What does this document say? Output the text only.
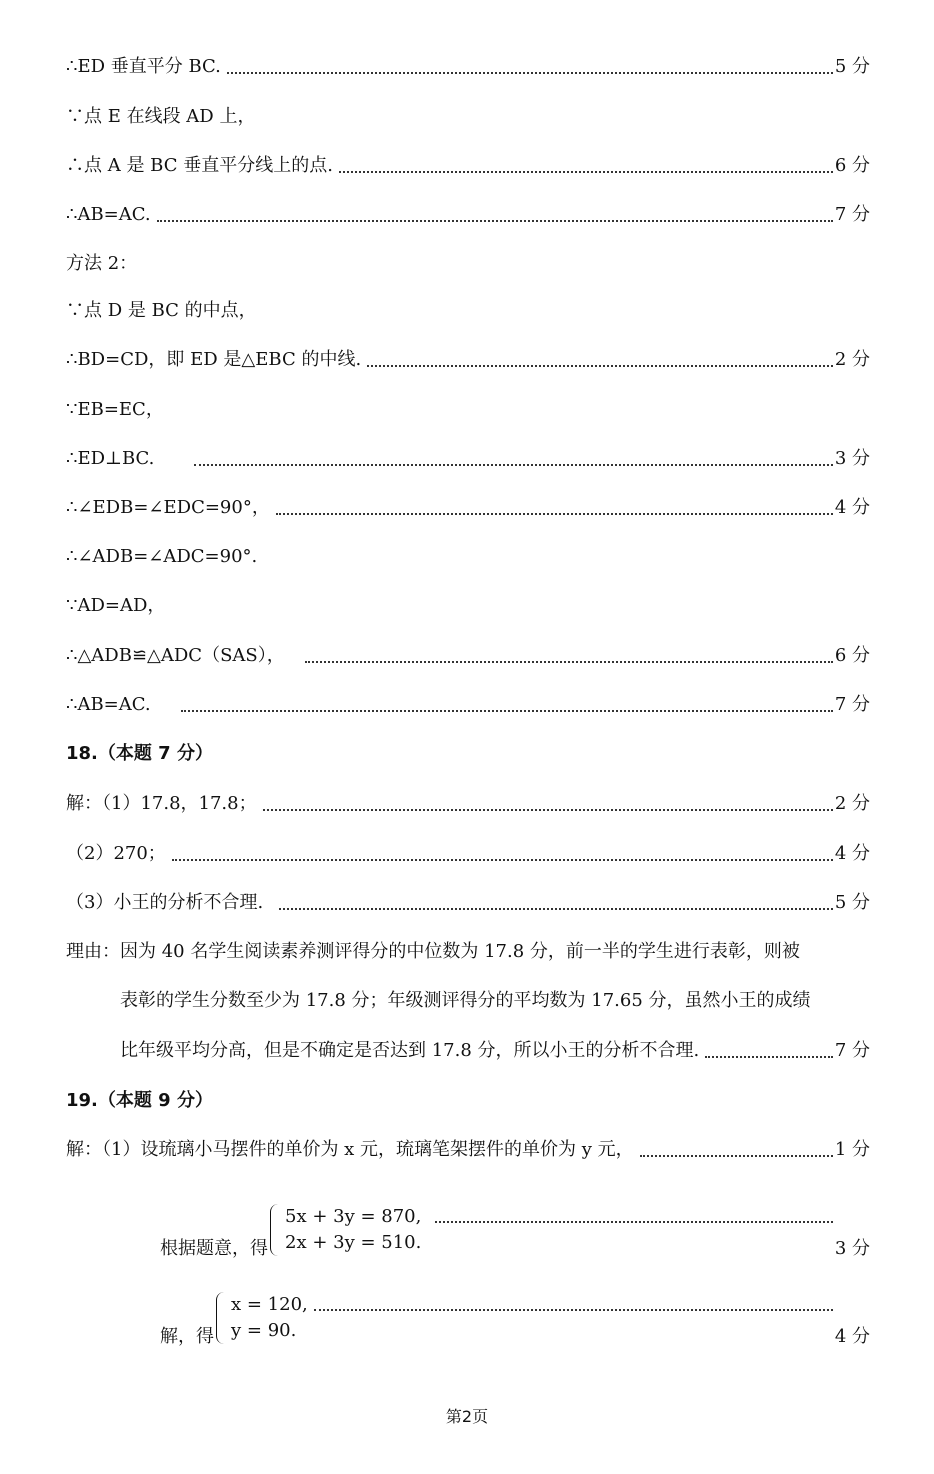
∴ED 垂直平分 BC.	5 分
∵点 E 在线段 AD 上，
∴点 A 是 BC 垂直平分线上的点.	6 分
∴AB=AC.	7 分
方法 2：
∵点 D 是 BC 的中点，
∴BD=CD，即 ED 是△EBC 的中线.	2 分
∵EB=EC，
∴ED⊥BC.	3 分
∴∠EDB=∠EDC=90°，	4 分
∴∠ADB=∠ADC=90°.
∵AD=AD，
∴△ADB≌△ADC（SAS），	6 分
∴AB=AC.	7 分
18.（本题 7 分）
解：（1）17.8，17.8；	2 分
（2）270；	4 分
（3）小王的分析不合理.	5 分
理由：因为 40 名学生阅读素养测评得分的中位数为 17.8 分，前一半的学生进行表彰，则被
表彰的学生分数至少为 17.8 分；年级测评得分的平均数为 17.65 分，虽然小王的成绩
比年级平均分高，但是不确定是否达到 17.8 分，所以小王的分析不合理.	7 分
19.（本题 9 分）
解：（1）设琉璃小马摆件的单价为 x 元，琉璃笔架摆件的单价为 y 元，	1 分
根据题意，得
5x + 3y = 870,
2x + 3y = 510.	3 分
解，得
x = 120,
y = 90.	4 分
第2页
